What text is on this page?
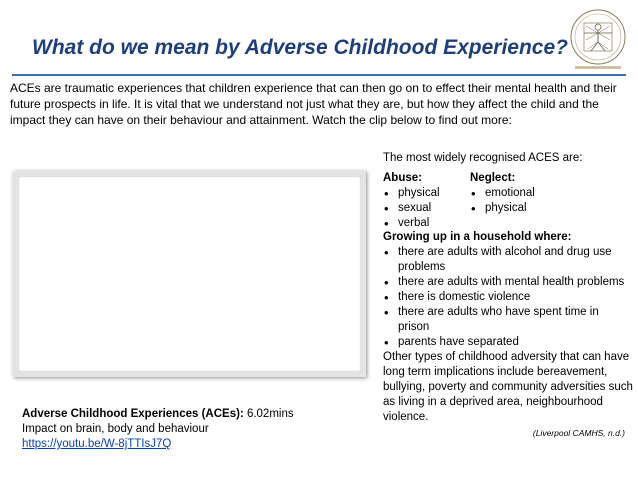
What do we mean by Adverse Childhood Experience?

ACEs are traumatic experiences that children experience that can then go on to effect their mental health and their future prospects in life. It is vital that we understand not just what they are, but how they affect the child and the impact they can have on their behaviour and attainment. Watch the clip below to find out more:

Adverse Childhood Experiences (ACEs): 6.02mins
Impact on brain, body and behaviour
https://youtu.be/W-8jTTIsJ7Q

The most widely recognised ACES are:

Abuse:
• physical
• sexual
• verbal
Neglect:
• emotional
• physical
Growing up in a household where:
• there are adults with alcohol and drug use problems
• there are adults with mental health problems
• there is domestic violence
• there are adults who have spent time in prison
• parents have separated

Other types of childhood adversity that can have long term implications include bereavement, bullying, poverty and community adversities such as living in a deprived area, neighbourhood violence.

(Liverpool CAMHS, n.d.)
